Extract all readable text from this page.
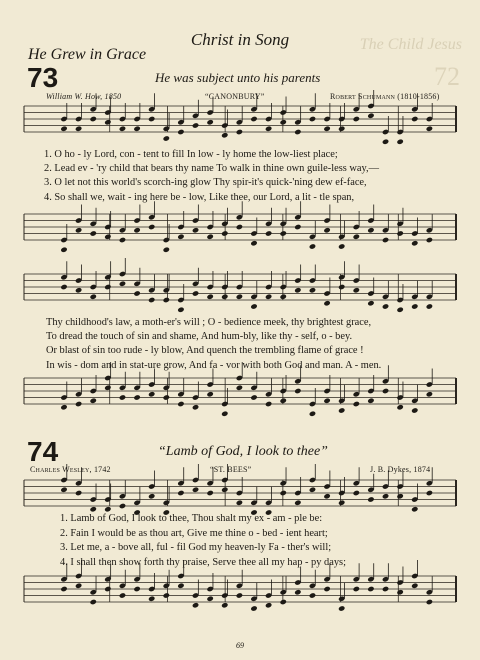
Christ in Song	The Child Jesus
72
He Grew in Grace
73	He was subject unto his parents
William W. How, 1850	“CANONBURY”	Robert Schumann (1810-1856)
1. O ho - ly Lord, con - tent to fill In low - ly home the low-liest place;
2. Lead ev - 'ry child that bears thy name To walk in thine own guile-less way,—
3. O let not this world's scorch-ing glow Thy spir-it's quick-'ning dew ef-face,
4. So shall we, wait - ing here be - low, Like thee, our Lord, a lit - tle span,
Thy childhood's law, a moth-er's will ; O - bedience meek, thy brightest grace,
To dread the touch of sin and shame, And hum-bly, like thy - self, o - bey.
Or blast of sin too rude - ly blow, And quench the trembling flame of grace !
In wis - dom and in stat-ure grow, And fa - vor with both God and man. A - men.
74	“Lamb of God, I look to thee”
Charles Wesley, 1742	“ST. BEES”	J. B. Dykes, 1874
1. Lamb of God, I look to thee, Thou shalt my ex - am - ple be:
2. Fain I would be as thou art, Give me thine o - bed - ient heart;
3. Let me, a - bove all, ful - fil God my heaven-ly Fa - ther's will;
4. I shall then show forth thy praise, Serve thee all my hap - py days;
69
